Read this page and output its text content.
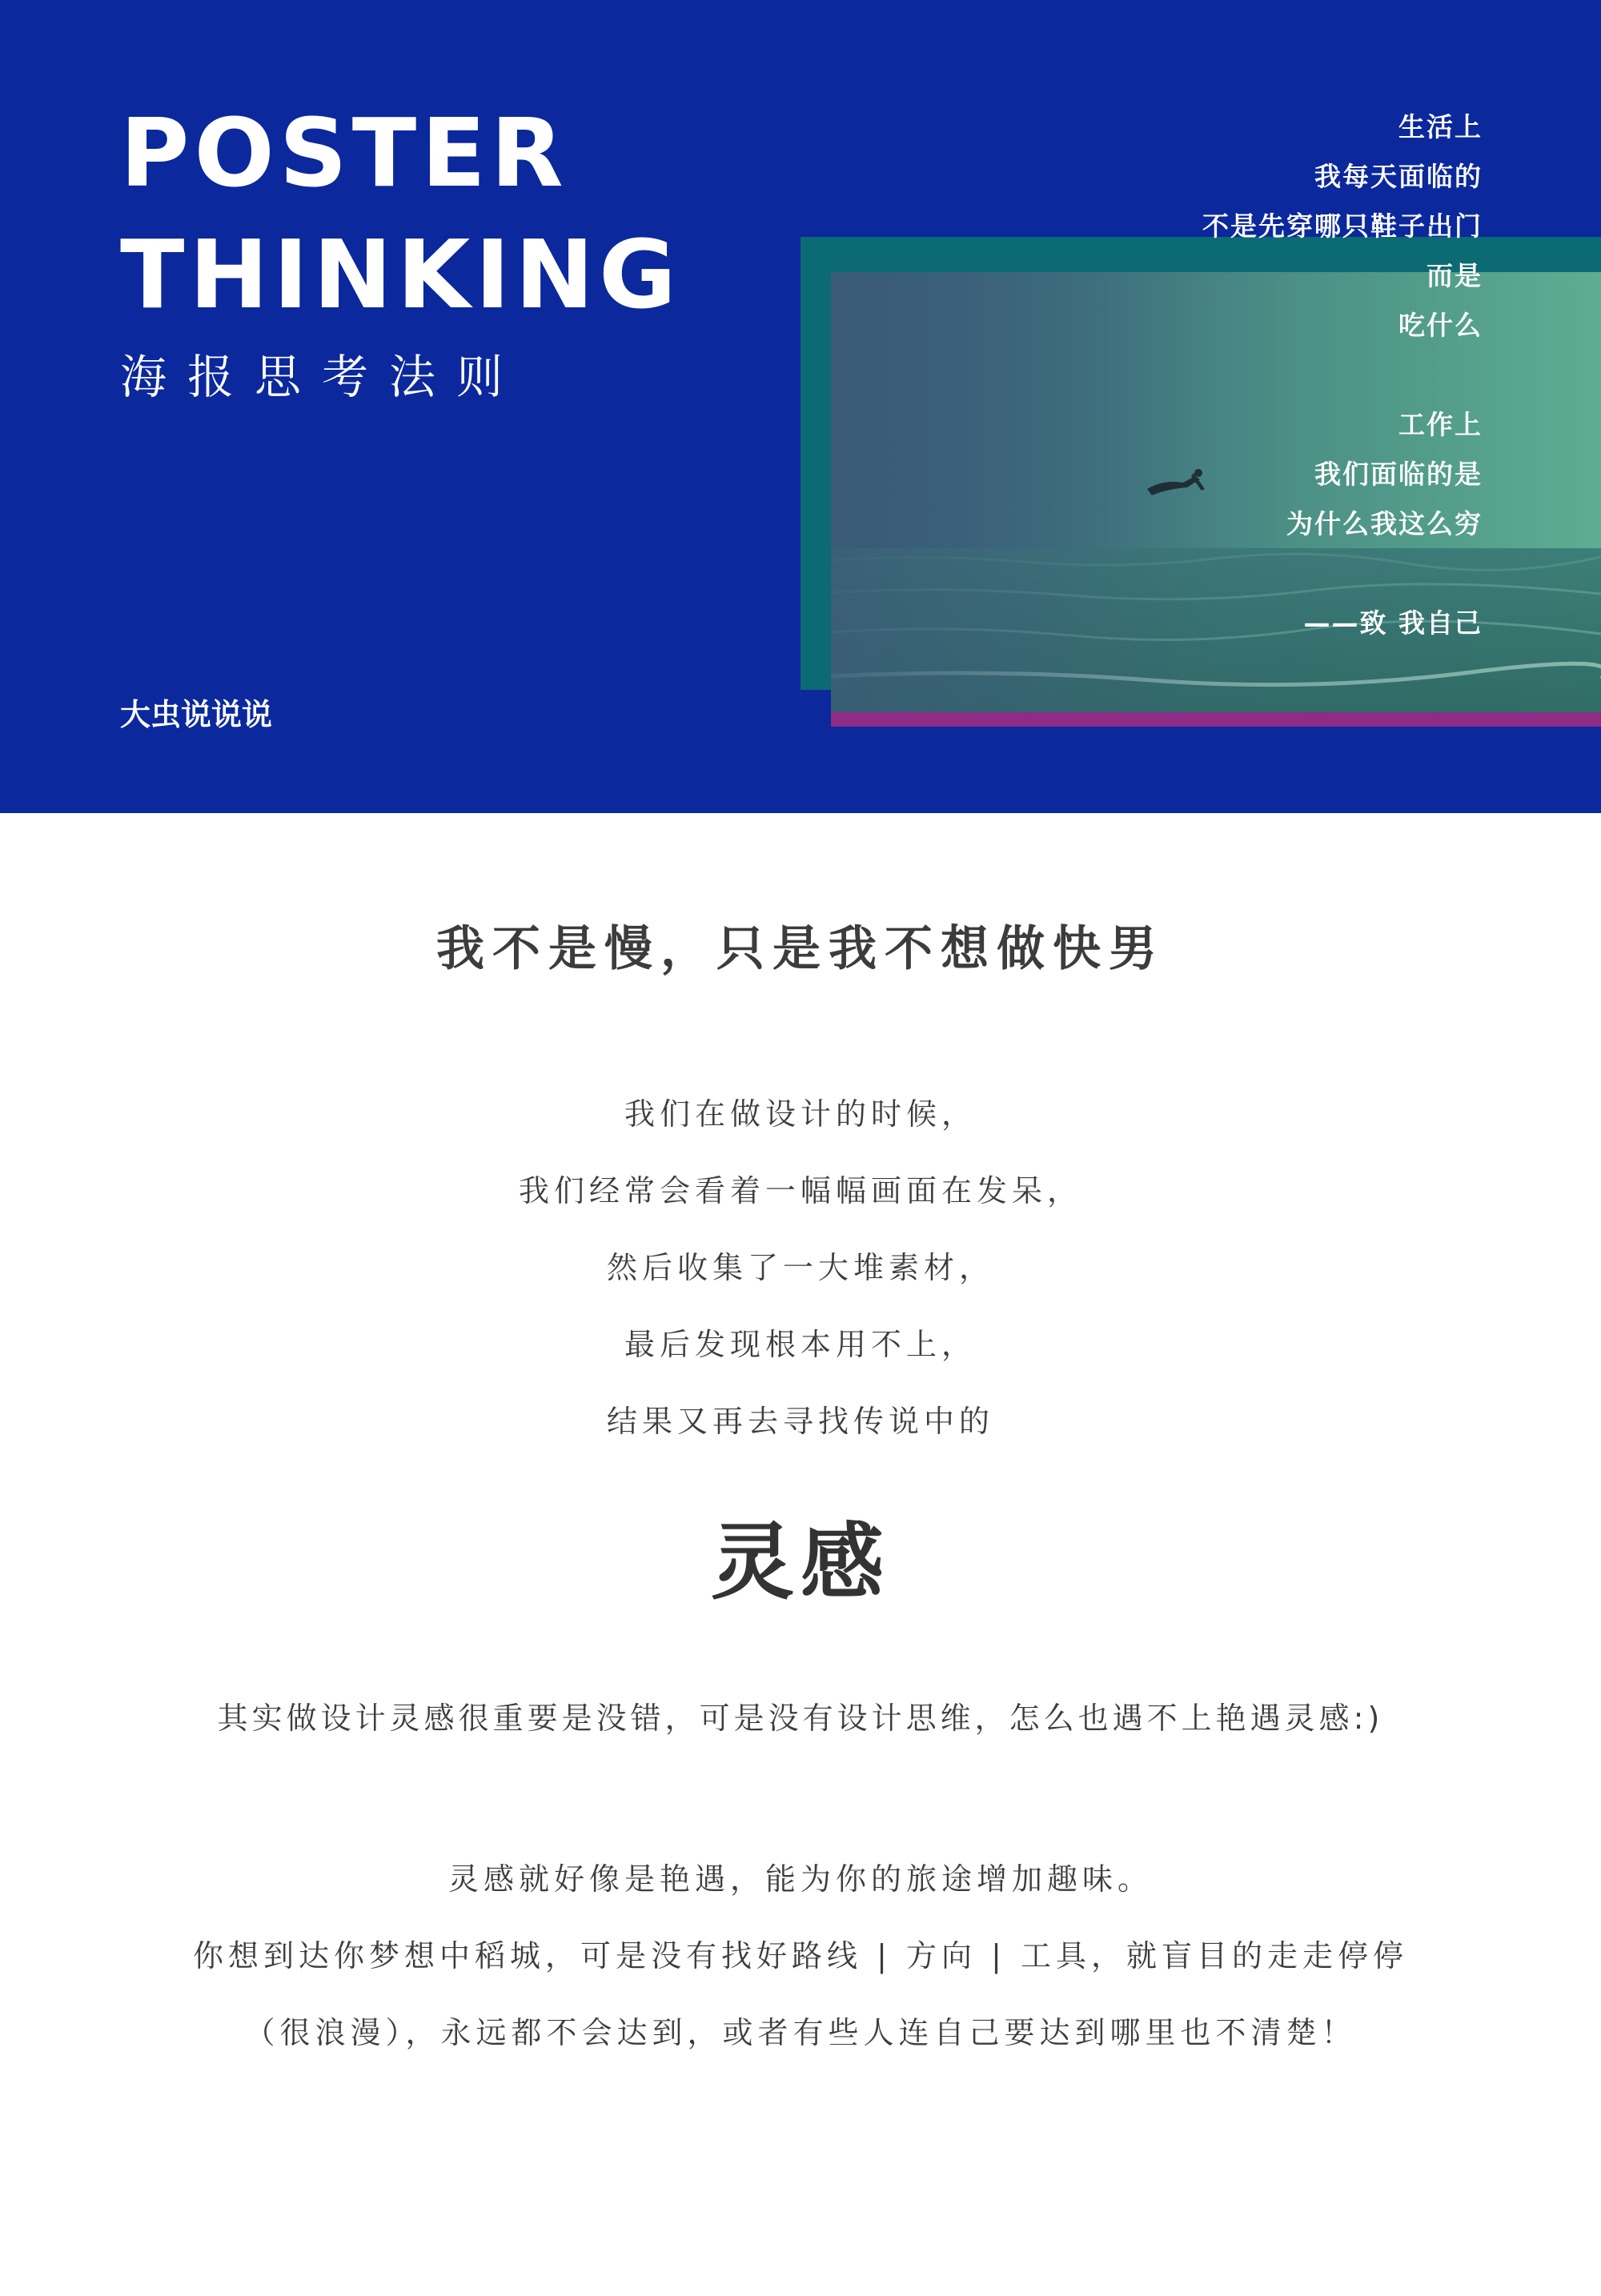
POSTER
THINKING
海报思考法则
大虫说说说
生活上
我每天面临的
不是先穿哪只鞋子出门
而是
吃什么
工作上
我们面临的是
为什么我这么穷
——致 我自己
我不是慢，只是我不想做快男
我们在做设计的时候，
我们经常会看着一幅幅画面在发呆，
然后收集了一大堆素材，
最后发现根本用不上，
结果又再去寻找传说中的
灵感
其实做设计灵感很重要是没错，可是没有设计思维，怎么也遇不上艳遇灵感:)
灵感就好像是艳遇，能为你的旅途增加趣味。
你想到达你梦想中稻城，可是没有找好路线 | 方向 | 工具，就盲目的走走停停
（很浪漫），永远都不会达到，或者有些人连自己要达到哪里也不清楚！
